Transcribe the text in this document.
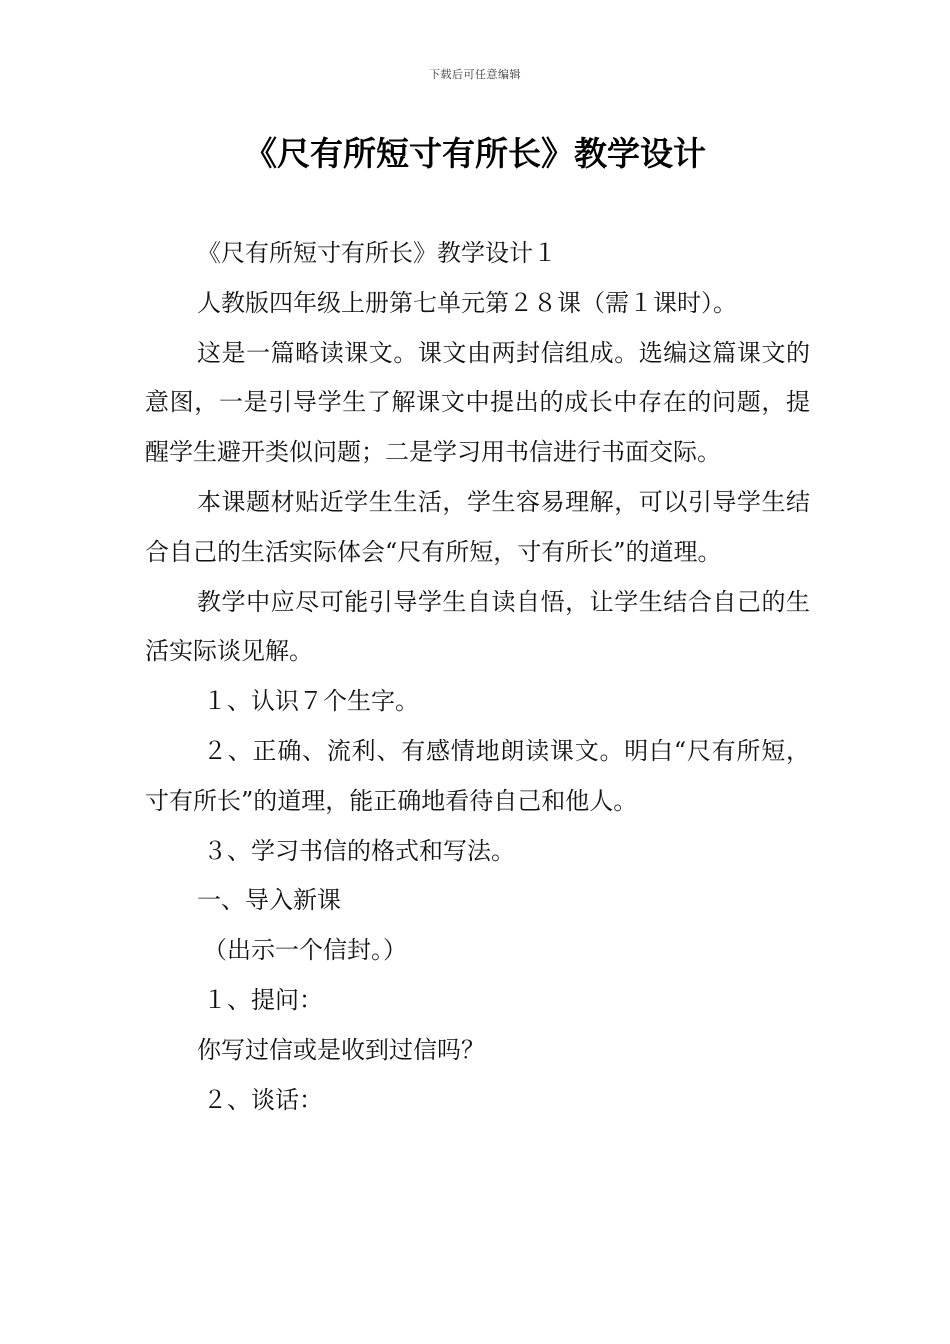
下载后可任意编辑
《尺有所短寸有所长》教学设计

《尺有所短寸有所长》教学设计１

人教版四年级上册第七单元第２８课（需１课时）。

这是一篇略读课文。课文由两封信组成。选编这篇课文的意图，一是引导学生了解课文中提出的成长中存在的问题，提醒学生避开类似问题；二是学习用书信进行书面交际。

本课题材贴近学生生活，学生容易理解，可以引导学生结合自己的生活实际体会“尺有所短，寸有所长”的道理。

教学中应尽可能引导学生自读自悟，让学生结合自己的生活实际谈见解。

１、认识７个生字。

２、正确、流利、有感情地朗读课文。明白“尺有所短，寸有所长”的道理，能正确地看待自己和他人。

３、学习书信的格式和写法。

一、导入新课

（出示一个信封。）

１、提问：

你写过信或是收到过信吗？

２、谈话：
